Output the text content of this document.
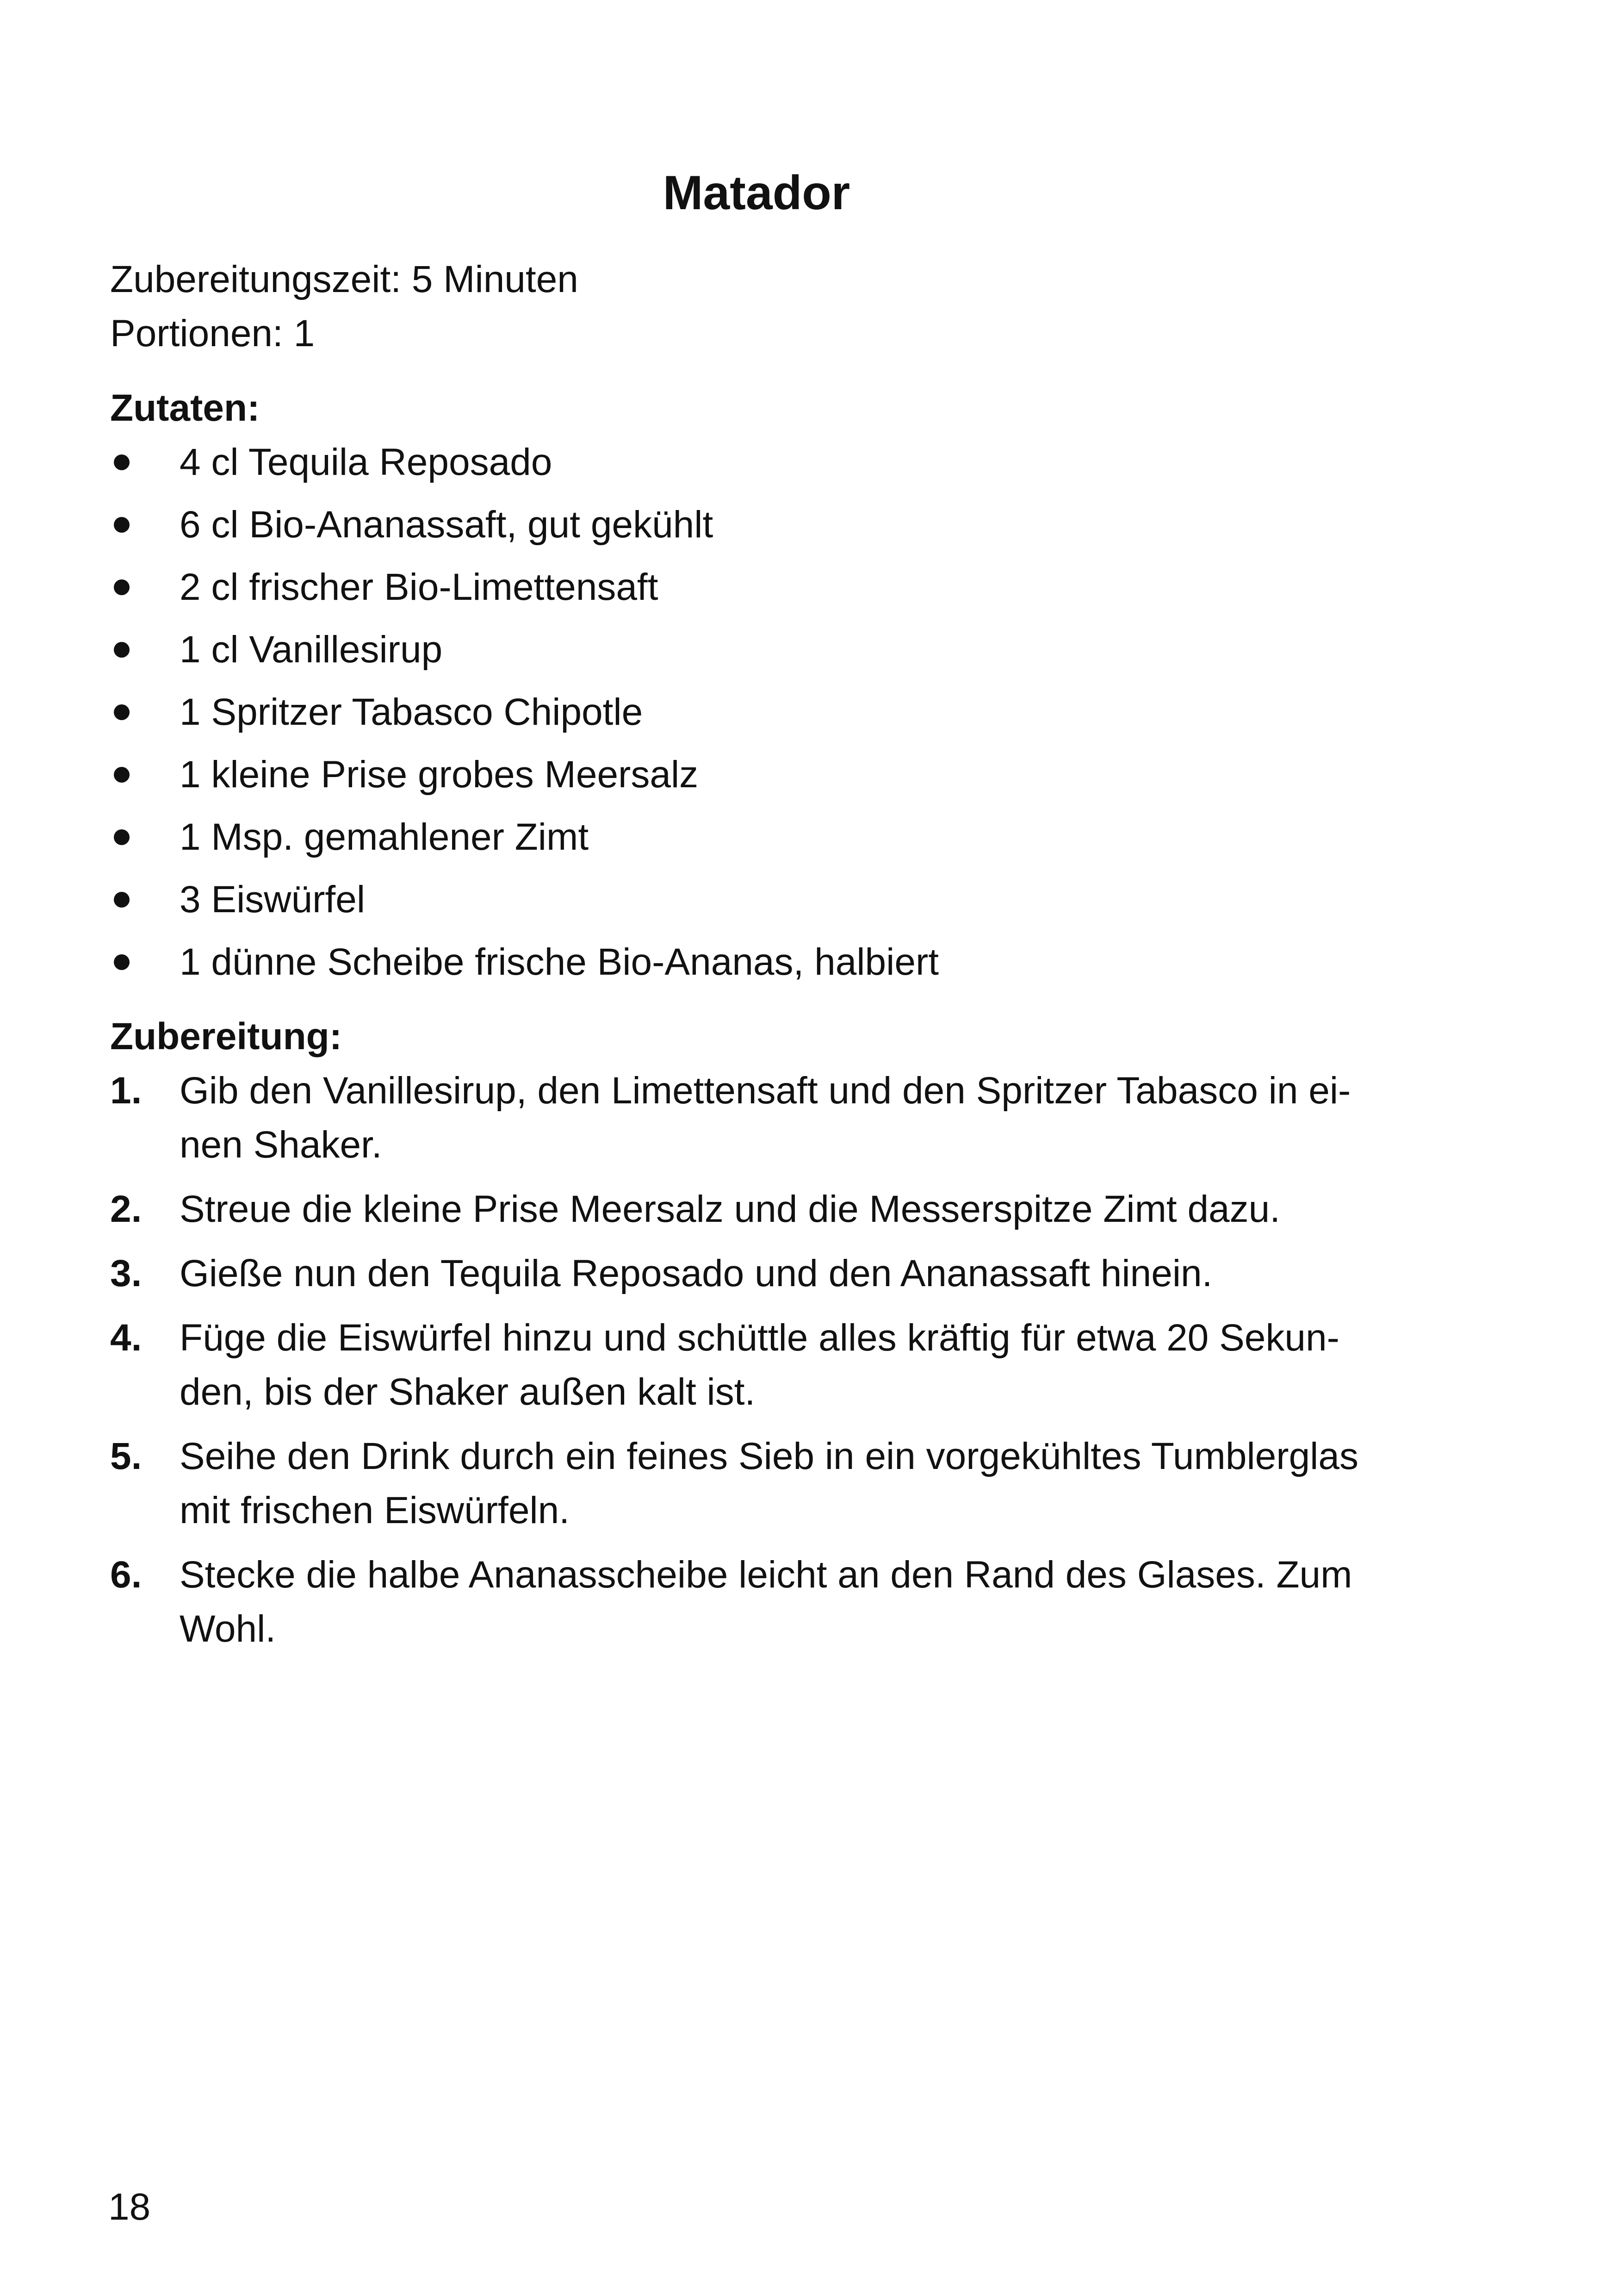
Matador

Zubereitungszeit: 5 Minuten

Portionen: 1

Zutaten:

4 cl Tequila Reposado
6 cl Bio-Ananassaft, gut gekühlt
2 cl frischer Bio-Limettensaft
1 cl Vanillesirup
1 Spritzer Tabasco Chipotle
1 kleine Prise grobes Meersalz
1 Msp. gemahlener Zimt
3 Eiswürfel
1 dünne Scheibe frische Bio-Ananas, halbiert

Zubereitung:

1. Gib den Vanillesirup, den Limettensaft und den Spritzer Tabasco in ei-
nen Shaker.
2. Streue die kleine Prise Meersalz und die Messerspitze Zimt dazu.
3. Gieße nun den Tequila Reposado und den Ananassaft hinein.
4. Füge die Eiswürfel hinzu und schüttle alles kräftig für etwa 20 Sekun-
den, bis der Shaker außen kalt ist.
5. Seihe den Drink durch ein feines Sieb in ein vorgekühltes Tumblerglas
mit frischen Eiswürfeln.
6. Stecke die halbe Ananasscheibe leicht an den Rand des Glases. Zum
Wohl.

18
